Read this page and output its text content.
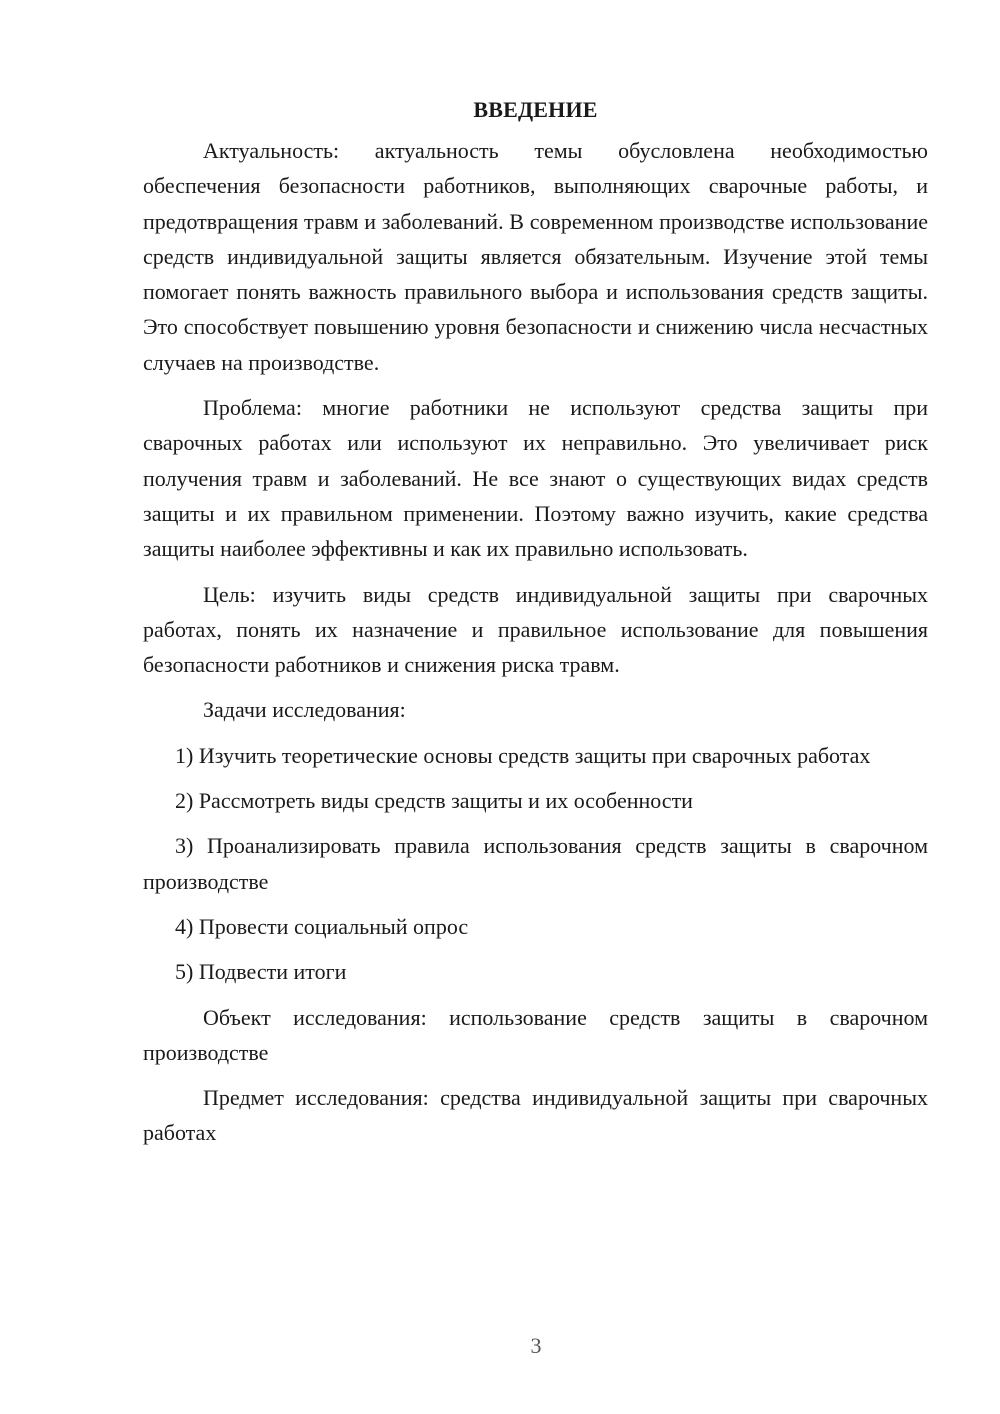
ВВЕДЕНИЕ

Актуальность: актуальность темы обусловлена необходимостью обеспечения безопасности работников, выполняющих сварочные работы, и предотвращения травм и заболеваний. В современном производстве использование средств индивидуальной защиты является обязательным. Изучение этой темы помогает понять важность правильного выбора и использования средств защиты. Это способствует повышению уровня безопасности и снижению числа несчастных случаев на производстве.

Проблема: многие работники не используют средства защиты при сварочных работах или используют их неправильно. Это увеличивает риск получения травм и заболеваний. Не все знают о существующих видах средств защиты и их правильном применении. Поэтому важно изучить, какие средства защиты наиболее эффективны и как их правильно использовать.

Цель: изучить виды средств индивидуальной защиты при сварочных работах, понять их назначение и правильное использование для повышения безопасности работников и снижения риска травм.

Задачи исследования:

1) Изучить теоретические основы средств защиты при сварочных работах

2) Рассмотреть виды средств защиты и их особенности

3) Проанализировать правила использования средств защиты в сварочном производстве

4) Провести социальный опрос

5) Подвести итоги

Объект исследования: использование средств защиты в сварочном производстве

Предмет исследования: средства индивидуальной защиты при сварочных работах

3
